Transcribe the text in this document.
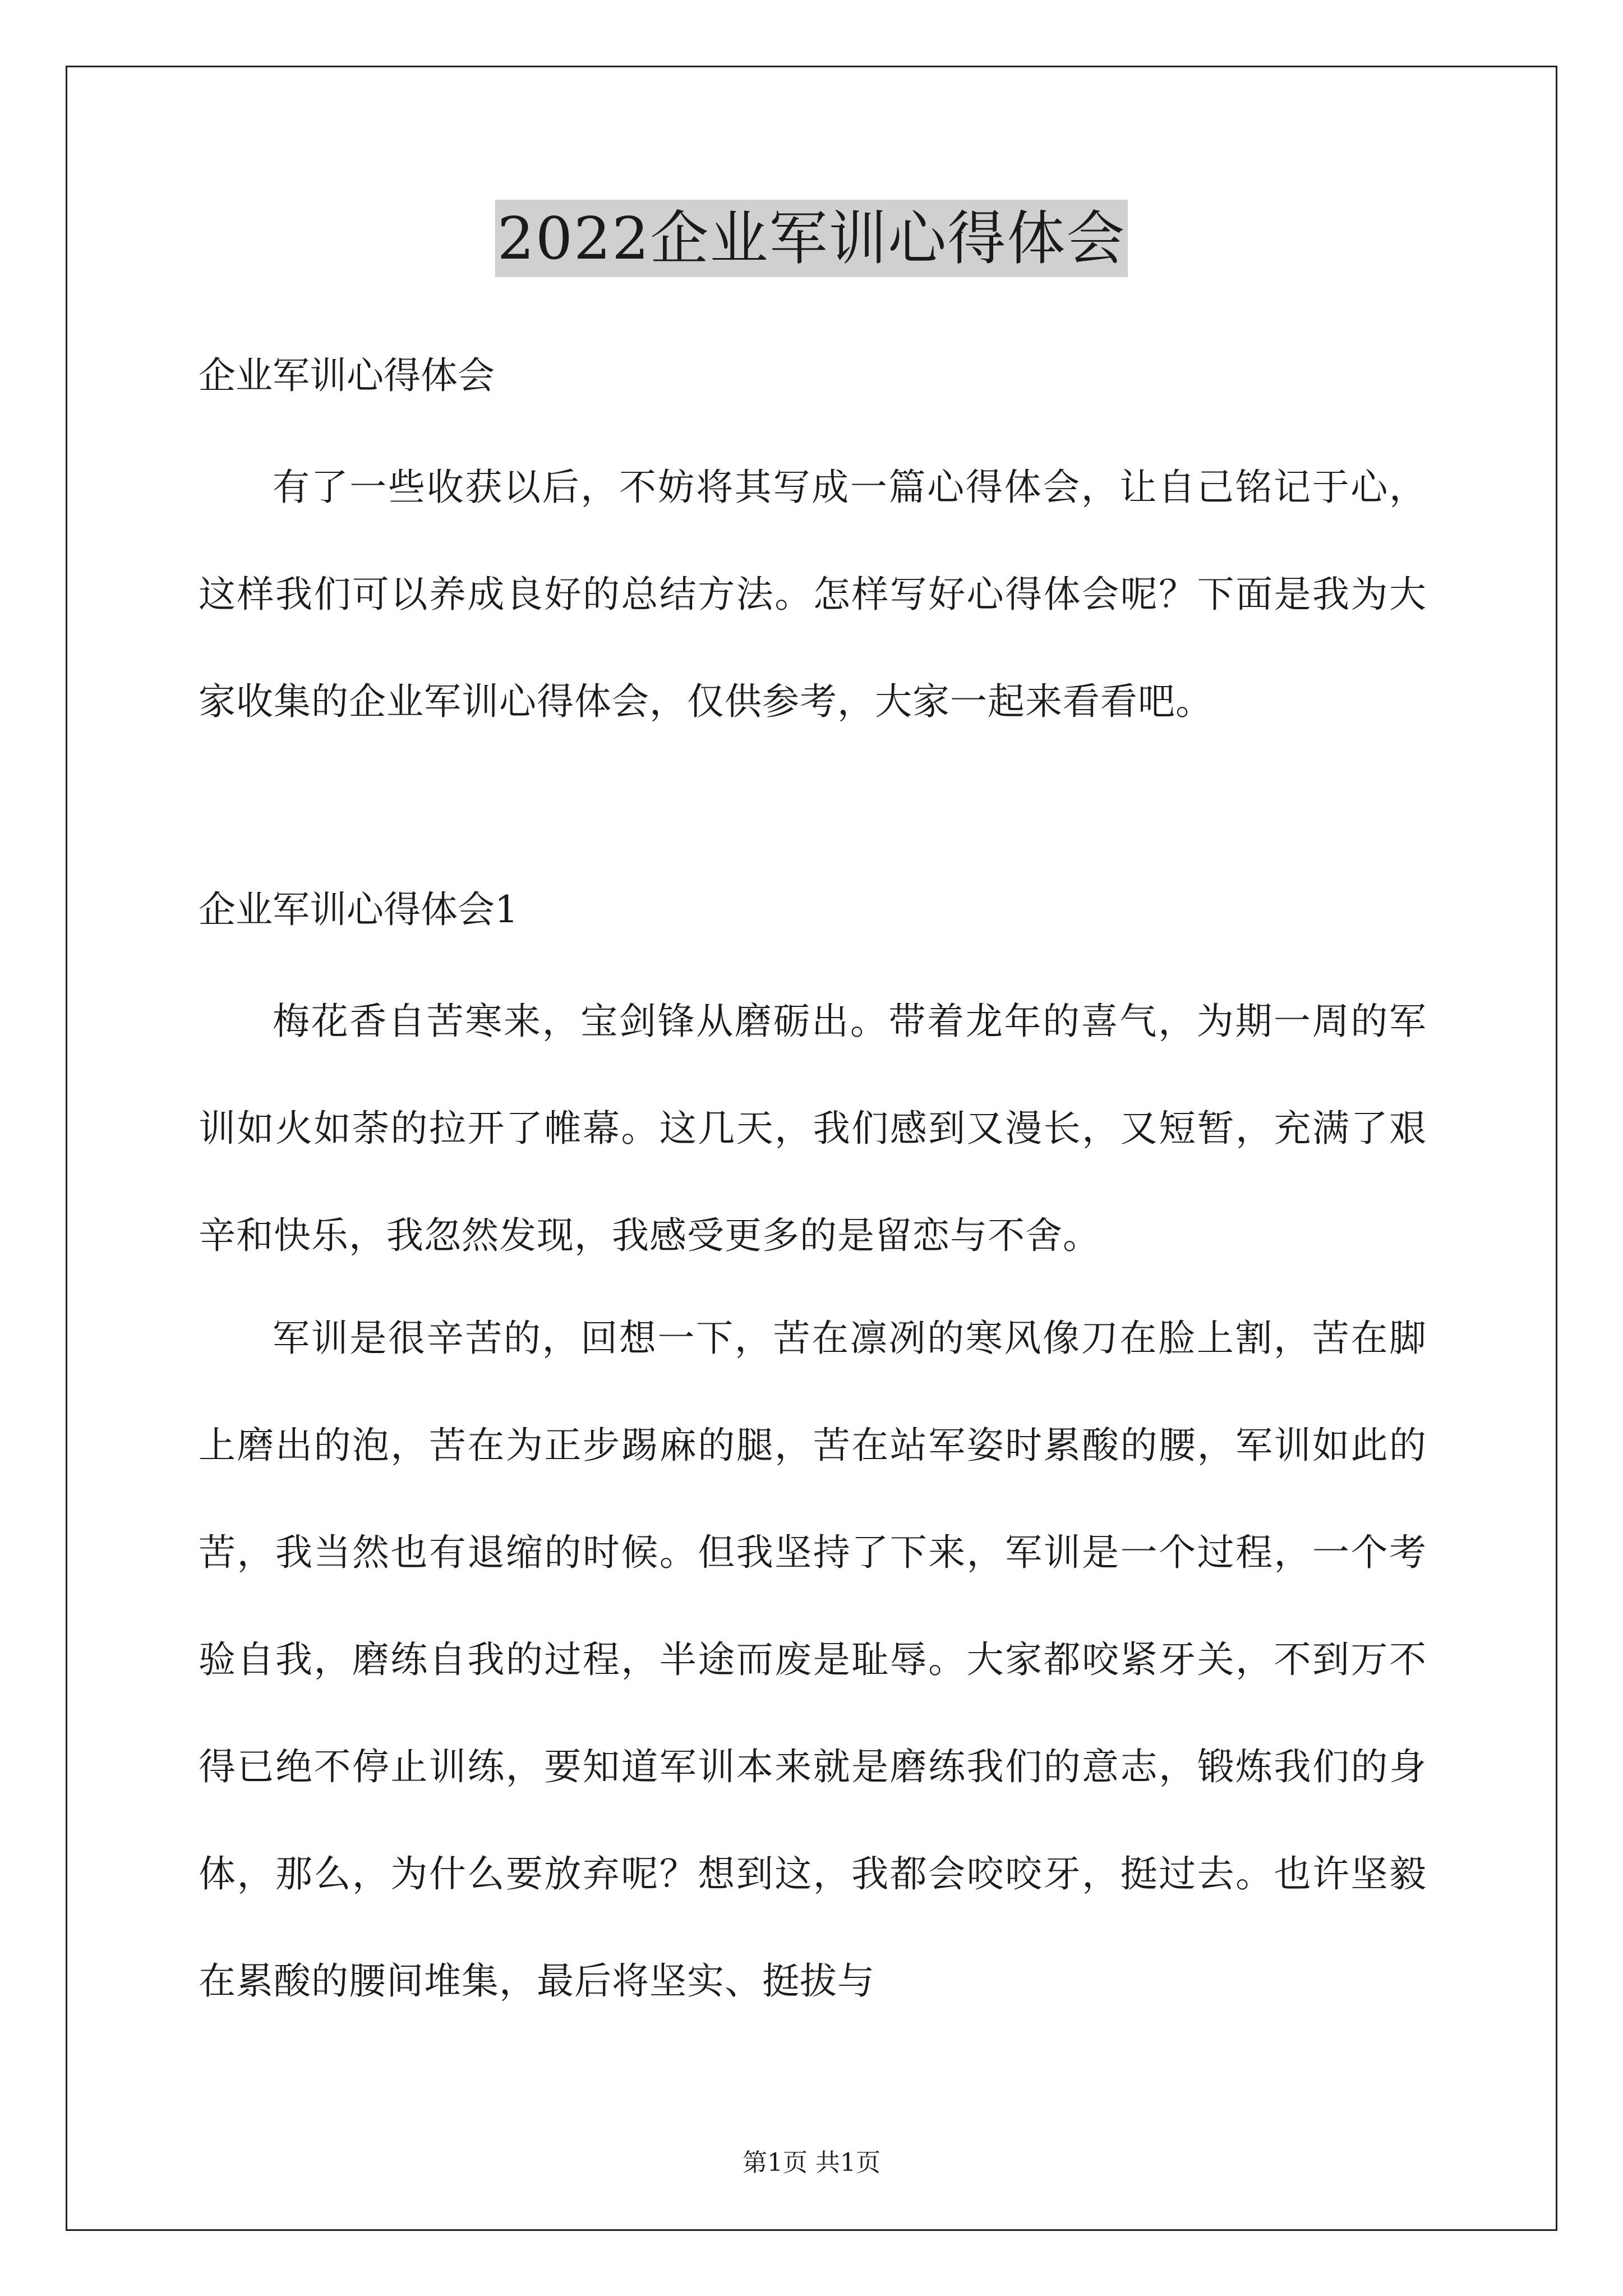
2022企业军训心得体会
企业军训心得体会
有了一些收获以后，不妨将其写成一篇心得体会，让自己铭记于心，这样我们可以养成良好的总结方法。怎样写好心得体会呢？下面是我为大家收集的企业军训心得体会，仅供参考，大家一起来看看吧。
企业军训心得体会1
梅花香自苦寒来，宝剑锋从磨砺出。带着龙年的喜气，为期一周的军训如火如荼的拉开了帷幕。这几天，我们感到又漫长，又短暂，充满了艰辛和快乐，我忽然发现，我感受更多的是留恋与不舍。
军训是很辛苦的，回想一下，苦在凛冽的寒风像刀在脸上割，苦在脚上磨出的泡，苦在为正步踢麻的腿，苦在站军姿时累酸的腰，军训如此的苦，我当然也有退缩的时候。但我坚持了下来，军训是一个过程，一个考验自我，磨练自我的过程，半途而废是耻辱。大家都咬紧牙关，不到万不得已绝不停止训练，要知道军训本来就是磨练我们的意志，锻炼我们的身体，那么，为什么要放弃呢？想到这，我都会咬咬牙，挺过去。也许坚毅在累酸的腰间堆集，最后将坚实、挺拔与
第1页 共1页
